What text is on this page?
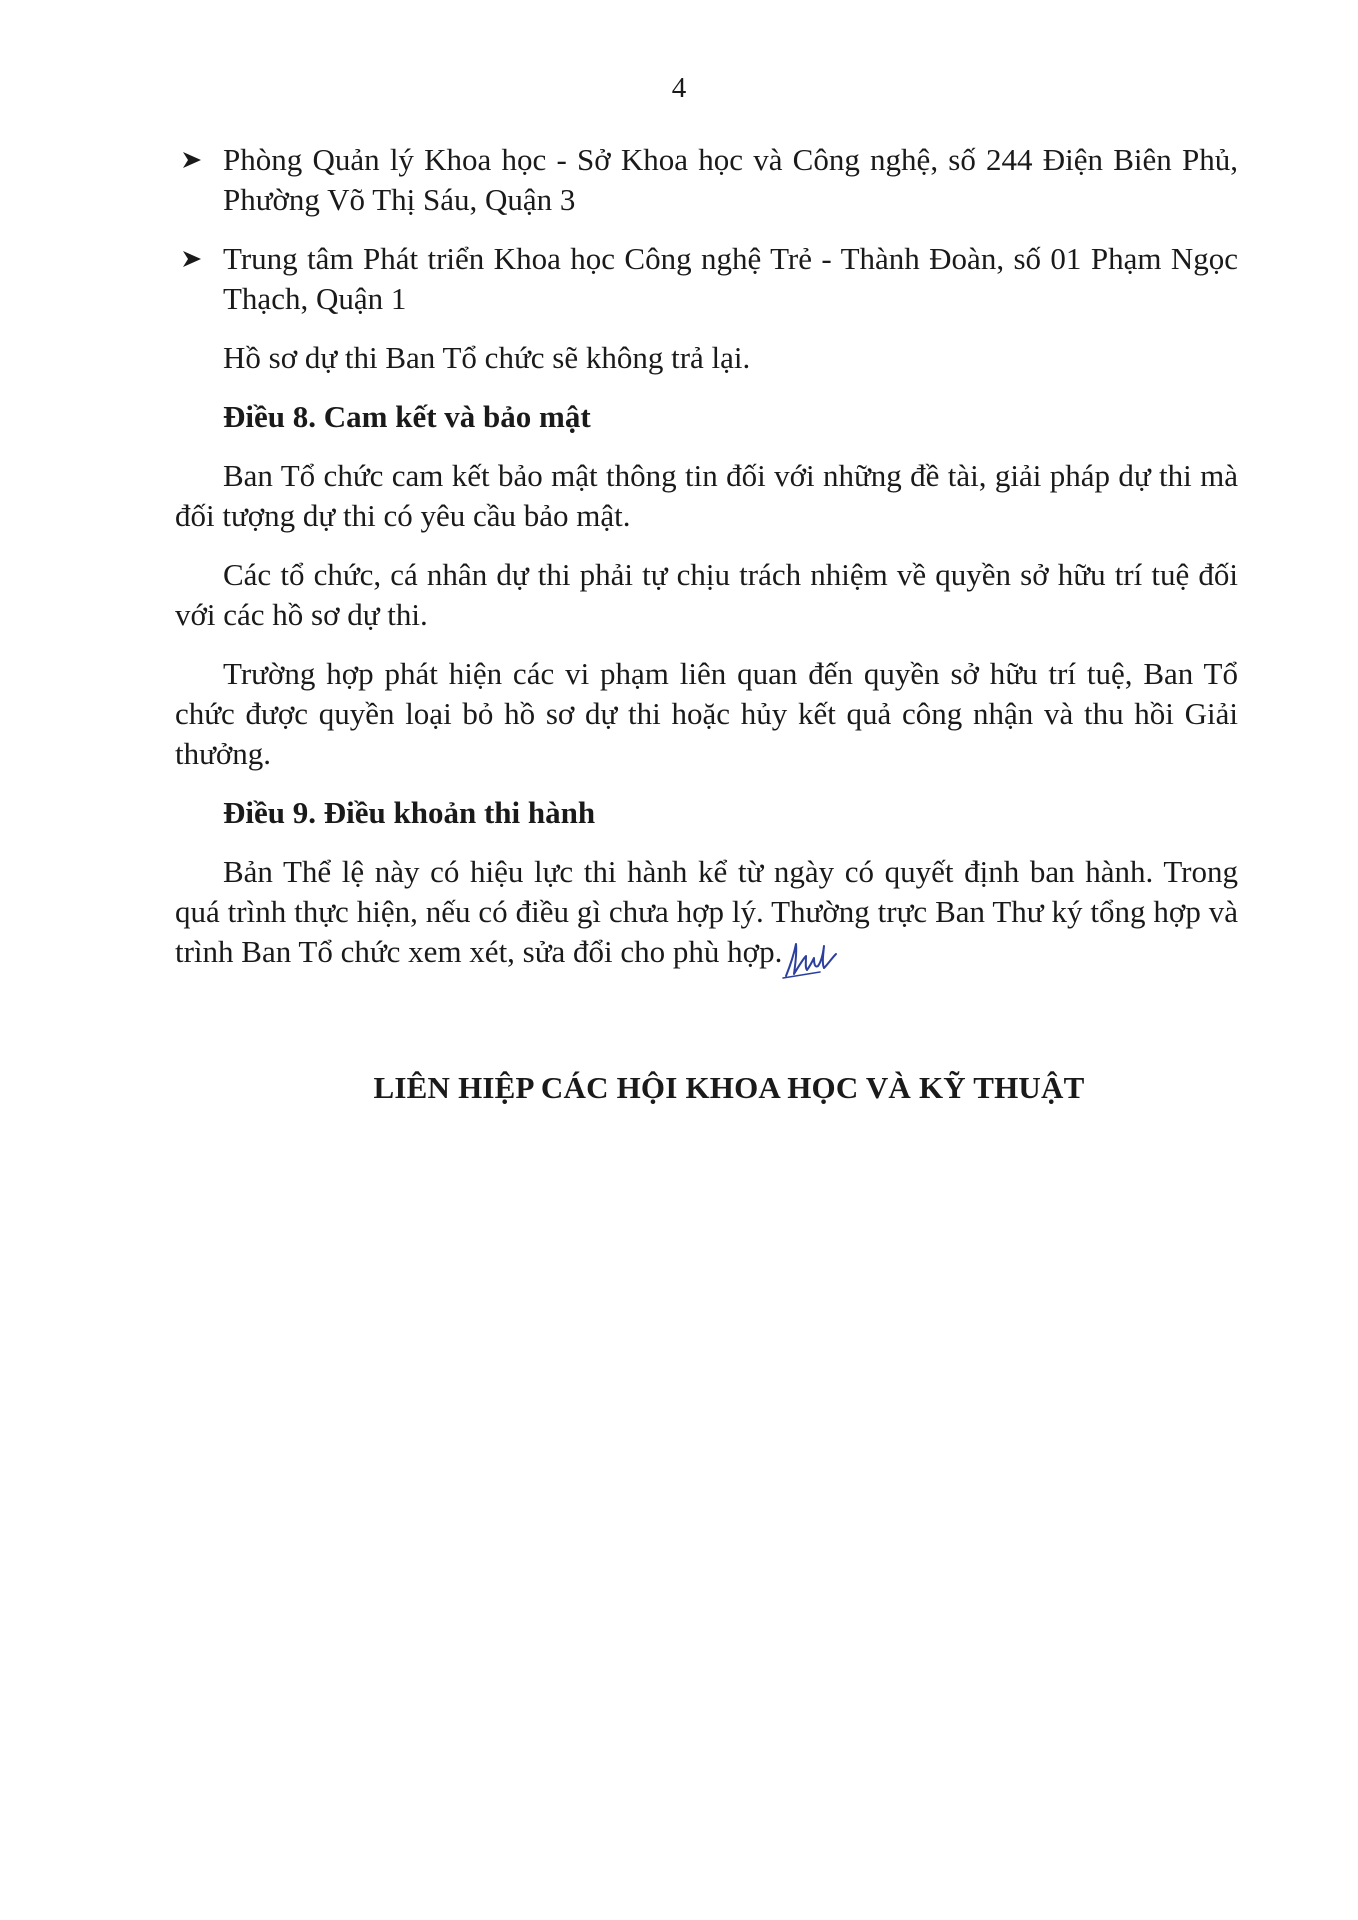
4
Phòng Quản lý Khoa học - Sở Khoa học và Công nghệ, số 244 Điện Biên Phủ, Phường Võ Thị Sáu, Quận 3
Trung tâm Phát triển Khoa học Công nghệ Trẻ - Thành Đoàn, số 01 Phạm Ngọc Thạch, Quận 1

Hồ sơ dự thi Ban Tổ chức sẽ không trả lại.

Điều 8. Cam kết và bảo mật

Ban Tổ chức cam kết bảo mật thông tin đối với những đề tài, giải pháp dự thi mà đối tượng dự thi có yêu cầu bảo mật.

Các tổ chức, cá nhân dự thi phải tự chịu trách nhiệm về quyền sở hữu trí tuệ đối với các hồ sơ dự thi.

Trường hợp phát hiện các vi phạm liên quan đến quyền sở hữu trí tuệ, Ban Tổ chức được quyền loại bỏ hồ sơ dự thi hoặc hủy kết quả công nhận và thu hồi Giải thưởng.

Điều 9. Điều khoản thi hành

Bản Thể lệ này có hiệu lực thi hành kể từ ngày có quyết định ban hành. Trong quá trình thực hiện, nếu có điều gì chưa hợp lý. Thường trực Ban Thư ký tổng hợp và trình Ban Tổ chức xem xét, sửa đổi cho phù hợp.

LIÊN HIỆP CÁC HỘI KHOA HỌC VÀ KỸ THUẬT
